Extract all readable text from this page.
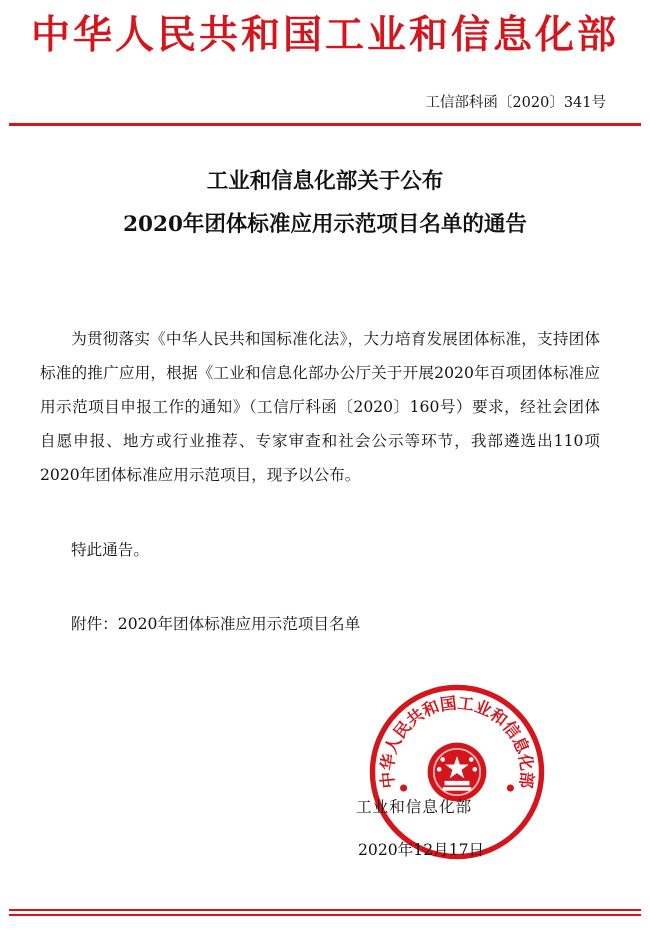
中华人民共和国工业和信息化部
工信部科函〔2020〕341号
工业和信息化部关于公布
2020年团体标准应用示范项目名单的通告

为贯彻落实《中华人民共和国标准化法》，大力培育发展团体标准，支持团体标准的推广应用，根据《工业和信息化部办公厅关于开展2020年百项团体标准应用示范项目申报工作的通知》（工信厅科函〔2020〕160号）要求，经社会团体自愿申报、地方或行业推荐、专家审查和社会公示等环节，我部遴选出110项2020年团体标准应用示范项目，现予以公布。

特此通告。
附件：2020年团体标准应用示范项目名单
中华人民共和国工业和信息化部
工业和信息化部
2020年12月17日
